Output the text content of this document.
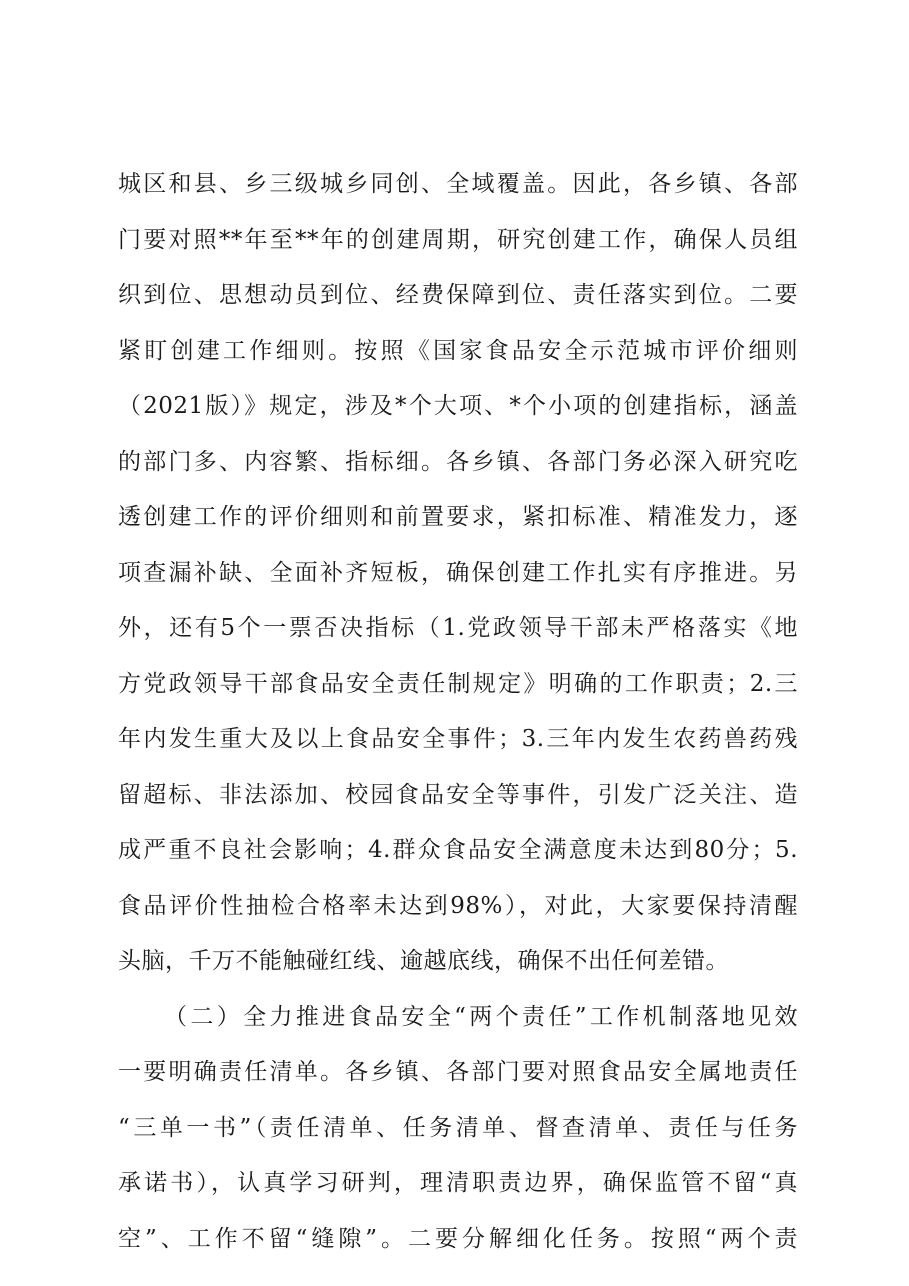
城区和县、乡三级城乡同创、全域覆盖。因此，各乡镇、各部
门要对照**年至**年的创建周期，研究创建工作，确保人员组
织到位、思想动员到位、经费保障到位、责任落实到位。二要
紧盯创建工作细则。按照《国家食品安全示范城市评价细则
（2021版）》规定，涉及*个大项、*个小项的创建指标，涵盖
的部门多、内容繁、指标细。各乡镇、各部门务必深入研究吃
透创建工作的评价细则和前置要求，紧扣标准、精准发力，逐
项查漏补缺、全面补齐短板，确保创建工作扎实有序推进。另
外，还有5个一票否决指标（1.党政领导干部未严格落实《地
方党政领导干部食品安全责任制规定》明确的工作职责；2.三
年内发生重大及以上食品安全事件；3.三年内发生农药兽药残
留超标、非法添加、校园食品安全等事件，引发广泛关注、造
成严重不良社会影响；4.群众食品安全满意度未达到80分；5.
食品评价性抽检合格率未达到98%），对此，大家要保持清醒
头脑，千万不能触碰红线、逾越底线，确保不出任何差错。
（二）全力推进食品安全“两个责任”工作机制落地见效
一要明确责任清单。各乡镇、各部门要对照食品安全属地责任
“三单一书”（责任清单、任务清单、督查清单、责任与任务
承诺书），认真学习研判，理清职责边界，确保监管不留“真
空”、工作不留“缝隙”。二要分解细化任务。按照“两个责
